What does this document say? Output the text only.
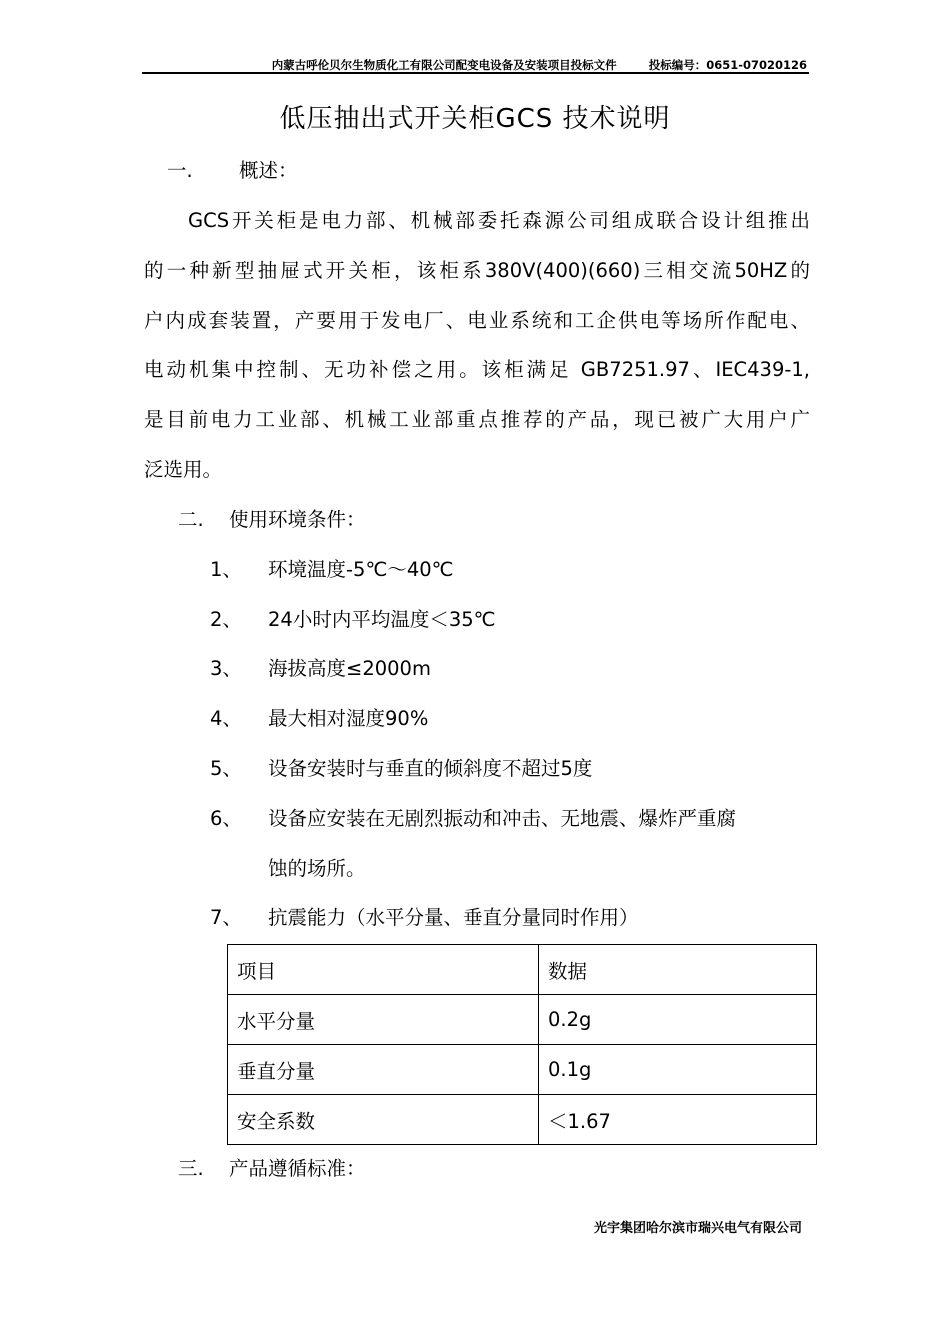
内蒙古呼伦贝尔生物质化工有限公司配变电设备及安装项目投标文件	投标编号：0651-07020126
低压抽出式开关柜GCS 技术说明
一. 概述：
GCS开关柜是电力部、机械部委托森源公司组成联合设计组推出
的一种新型抽屉式开关柜，该柜系380V(400)(660)三相交流50HZ的
户内成套装置，产要用于发电厂、电业系统和工企供电等场所作配电、
电动机集中控制、无功补偿之用。该柜满足 GB7251.97、IEC439-1,
是目前电力工业部、机械工业部重点推荐的产品，现已被广大用户广
泛选用。
二. 使用环境条件：
1、 环境温度-5℃～40℃
2、 24小时内平均温度＜35℃
3、 海拔高度≤2000m
4、 最大相对湿度90%
5、 设备安装时与垂直的倾斜度不超过5度
6、 设备应安装在无剧烈振动和冲击、无地震、爆炸严重腐
蚀的场所。
7、 抗震能力（水平分量、垂直分量同时作用）
项目	数据
水平分量	0.2g
垂直分量	0.1g
安全系数	＜1.67
三. 产品遵循标准：
光宇集团哈尔滨市瑞兴电气有限公司
